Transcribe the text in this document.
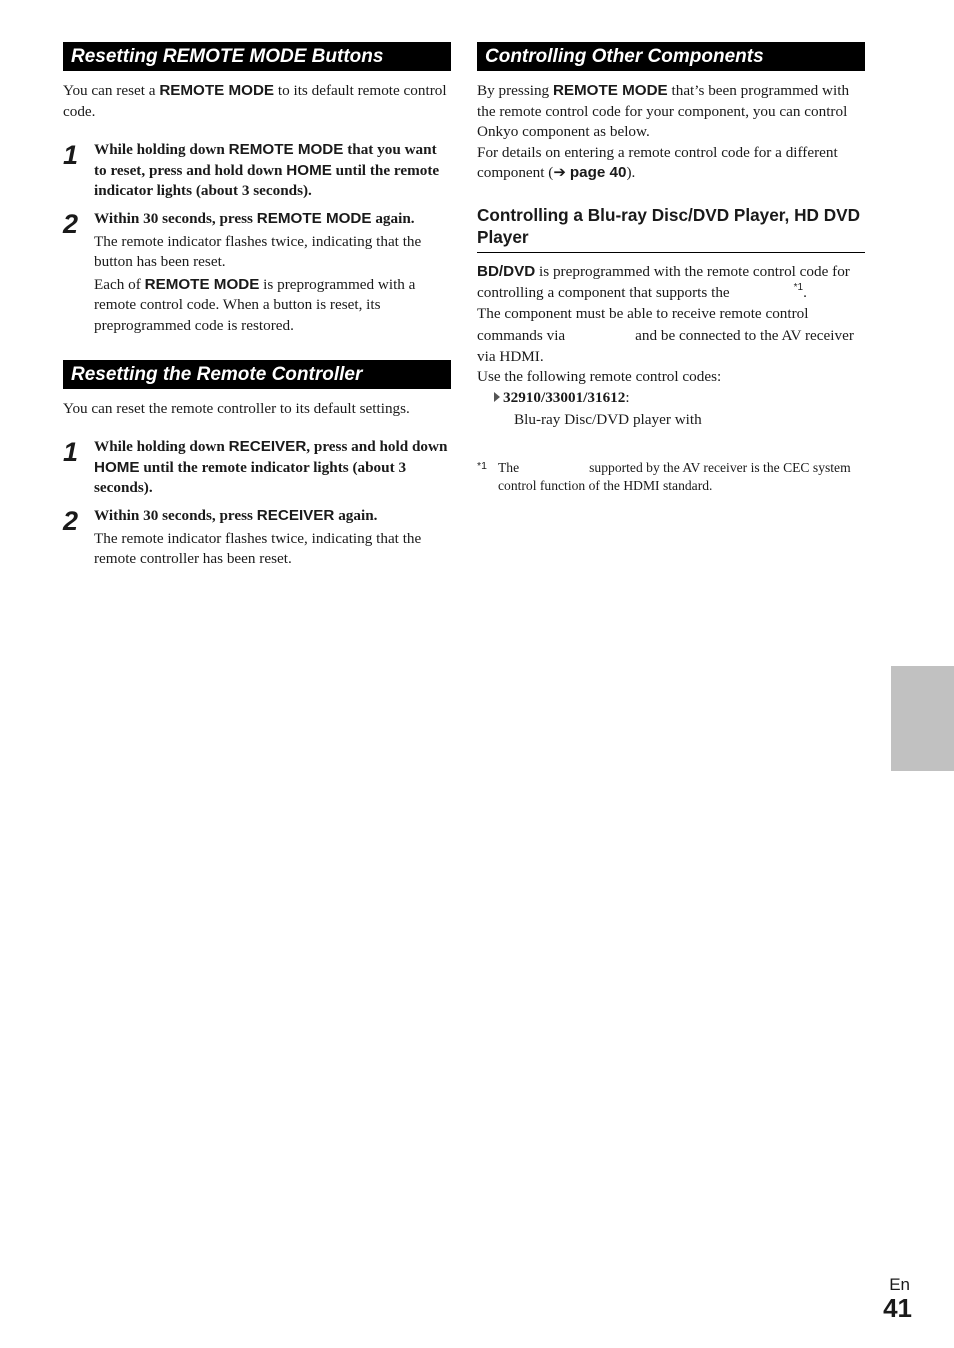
Resetting REMOTE MODE Buttons

You can reset a REMOTE MODE to its default remote control code.

1 While holding down REMOTE MODE that you want to reset, press and hold down HOME until the remote indicator lights (about 3 seconds).

2 Within 30 seconds, press REMOTE MODE again.

The remote indicator flashes twice, indicating that the button has been reset.

Each of REMOTE MODE is preprogrammed with a remote control code. When a button is reset, its preprogrammed code is restored.

Resetting the Remote Controller

You can reset the remote controller to its default settings.

1 While holding down RECEIVER, press and hold down HOME until the remote indicator lights (about 3 seconds).

2 Within 30 seconds, press RECEIVER again.

The remote indicator flashes twice, indicating that the remote controller has been reset.

Controlling Other Components

By pressing REMOTE MODE that’s been programmed with the remote control code for your component, you can control Onkyo component as below.

For details on entering a remote control code for a different component (➔ page 40).

Controlling a Blu-ray Disc/DVD Player, HD DVD Player

BD/DVD is preprogrammed with the remote control code for controlling a component that supports the	$^{*1}$.
The component must be able to receive remote control commands via	and be connected to the AV receiver via HDMI.

Use the following remote control codes:

32910/33001/31612:

Blu-ray Disc/DVD player with

*1 The	supported by the AV receiver is the CEC system control function of the HDMI standard.

En
41
